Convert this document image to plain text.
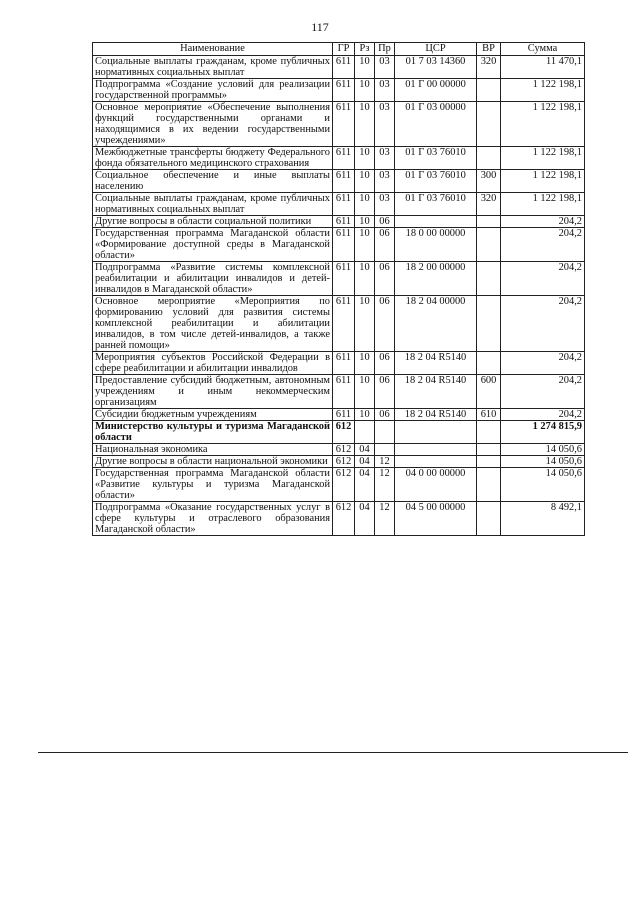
117
Наименование	ГР	Рз	Пр	ЦСР	ВР	Сумма
Социальные выплаты гражданам, кроме публичных нормативных социальных выплат	611	10	03	01 7 03 14360	320	11 470,1
Подпрограмма «Создание условий для реализации государственной программы»	611	10	03	01 Г 00 00000		1 122 198,1
Основное мероприятие «Обеспечение выполнения функций государственными органами и находящимися в их ведении государственными учреждениями»	611	10	03	01 Г 03 00000		1 122 198,1
Межбюджетные трансферты бюджету Федерального фонда обязательного медицинского страхования	611	10	03	01 Г 03 76010		1 122 198,1
Социальное обеспечение и иные выплаты населению	611	10	03	01 Г 03 76010	300	1 122 198,1
Социальные выплаты гражданам, кроме публичных нормативных социальных выплат	611	10	03	01 Г 03 76010	320	1 122 198,1
Другие вопросы в области социальной политики	611	10	06			204,2
Государственная программа Магаданской области «Формирование доступной среды в Магаданской области»	611	10	06	18 0 00 00000		204,2
Подпрограмма «Развитие системы комплексной реабилитации и абилитации инвалидов и детей-инвалидов в Магаданской области»	611	10	06	18 2 00 00000		204,2
Основное мероприятие «Мероприятия по формированию условий для развития системы комплексной реабилитации и абилитации инвалидов, в том числе детей-инвалидов, а также ранней помощи»	611	10	06	18 2 04 00000		204,2
Мероприятия субъектов Российской Федерации в сфере реабилитации и абилитации инвалидов	611	10	06	18 2 04 R5140		204,2
Предоставление субсидий бюджетным, автономным учреждениям и иным некоммерческим организациям	611	10	06	18 2 04 R5140	600	204,2
Субсидии бюджетным учреждениям	611	10	06	18 2 04 R5140	610	204,2
Министерство культуры и туризма Магаданской области	612					1 274 815,9
Национальная экономика	612	04				14 050,6
Другие вопросы в области национальной экономики	612	04	12			14 050,6
Государственная программа Магаданской области «Развитие культуры и туризма Магаданской области»	612	04	12	04 0 00 00000		14 050,6
Подпрограмма «Оказание государственных услуг в сфере культуры и отраслевого образования Магаданской области»	612	04	12	04 5 00 00000		8 492,1
